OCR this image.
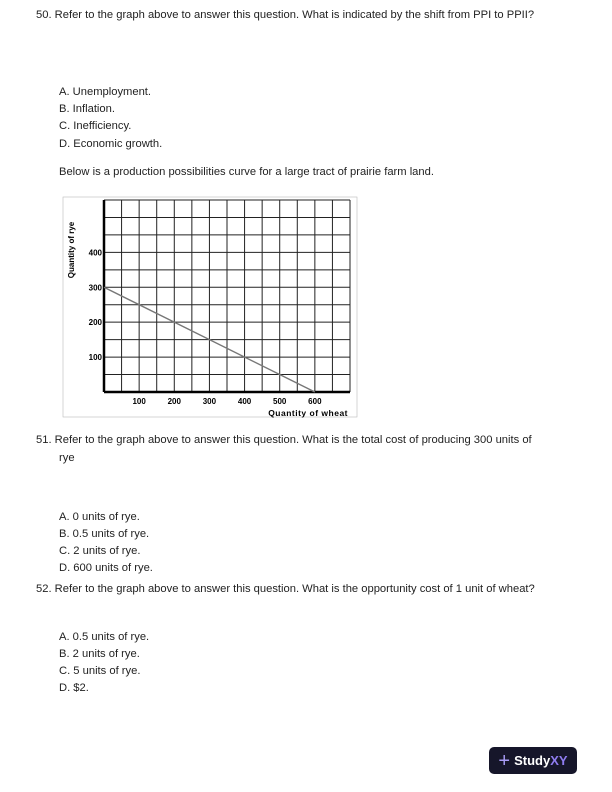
50. Refer to the graph above to answer this question. What is indicated by the shift from PPI to PPII?
A. Unemployment.
B. Inflation.
C. Inefficiency.
D. Economic growth.
Below is a production possibilities curve for a large tract of prairie farm land.
100	200	300	400	500	600
100
200
300
400
Quantity of wheat
Quantity of rye
51. Refer to the graph above to answer this question. What is the total cost of producing 300 units of
rye
A. 0 units of rye.
B. 0.5 units of rye.
C. 2 units of rye.
D. 600 units of rye.
52. Refer to the graph above to answer this question. What is the opportunity cost of 1 unit of wheat?
A. 0.5 units of rye.
B. 2 units of rye.
C. 5 units of rye.
D. $2.
+ StudyXY
